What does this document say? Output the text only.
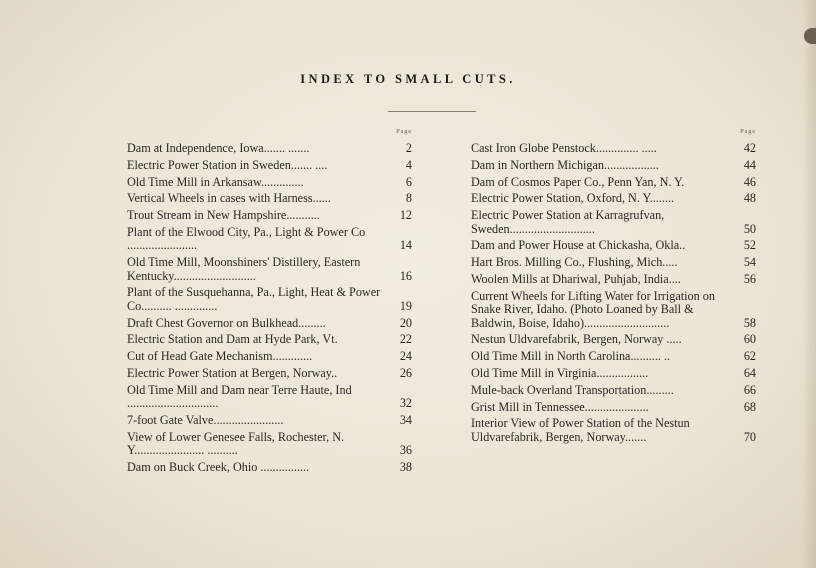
INDEX TO SMALL CUTS.
Page
Dam at Independence, Iowa....... .......	2
Electric Power Station in Sweden....... ....	4
Old Time Mill in Arkansaw..............	6
Vertical Wheels in cases with Harness......	8
Trout Stream in New Hampshire...........	12
Plant of the Elwood City, Pa., Light & Power Co .......................	14
Old Time Mill, Moonshiners' Distillery, Eastern Kentucky...........................	16
Plant of the Susquehanna, Pa., Light, Heat & Power Co.......... ..............	19
Draft Chest Governor on Bulkhead.........	20
Electric Station and Dam at Hyde Park, Vt.	22
Cut of Head Gate Mechanism.............	24
Electric Power Station at Bergen, Norway..	26
Old Time Mill and Dam near Terre Haute, Ind ..............................	32
7-foot Gate Valve.......................	34
View of Lower Genesee Falls, Rochester, N. Y....................... ..........	36
Dam on Buck Creek, Ohio ................	38
Page
Cast Iron Globe Penstock.............. .....	42
Dam in Northern Michigan..................	44
Dam of Cosmos Paper Co., Penn Yan, N. Y.	46
Electric Power Station, Oxford, N. Y........	48
Electric Power Station at Karragrufvan, Sweden............................	50
Dam and Power House at Chickasha, Okla..	52
Hart Bros. Milling Co., Flushing, Mich.....	54
Woolen Mills at Dhariwal, Puhjab, India....	56
Current Wheels for Lifting Water for Irrigation on Snake River, Idaho. (Photo Loaned by Ball & Baldwin, Boise, Idaho)............................	58
Nestun Uldvarefabrik, Bergen, Norway .....	60
Old Time Mill in North Carolina.......... ..	62
Old Time Mill in Virginia.................	64
Mule-back Overland Transportation.........	66
Grist Mill in Tennessee.....................	68
Interior View of Power Station of the Nestun Uldvarefabrik, Bergen, Norway.......	70
